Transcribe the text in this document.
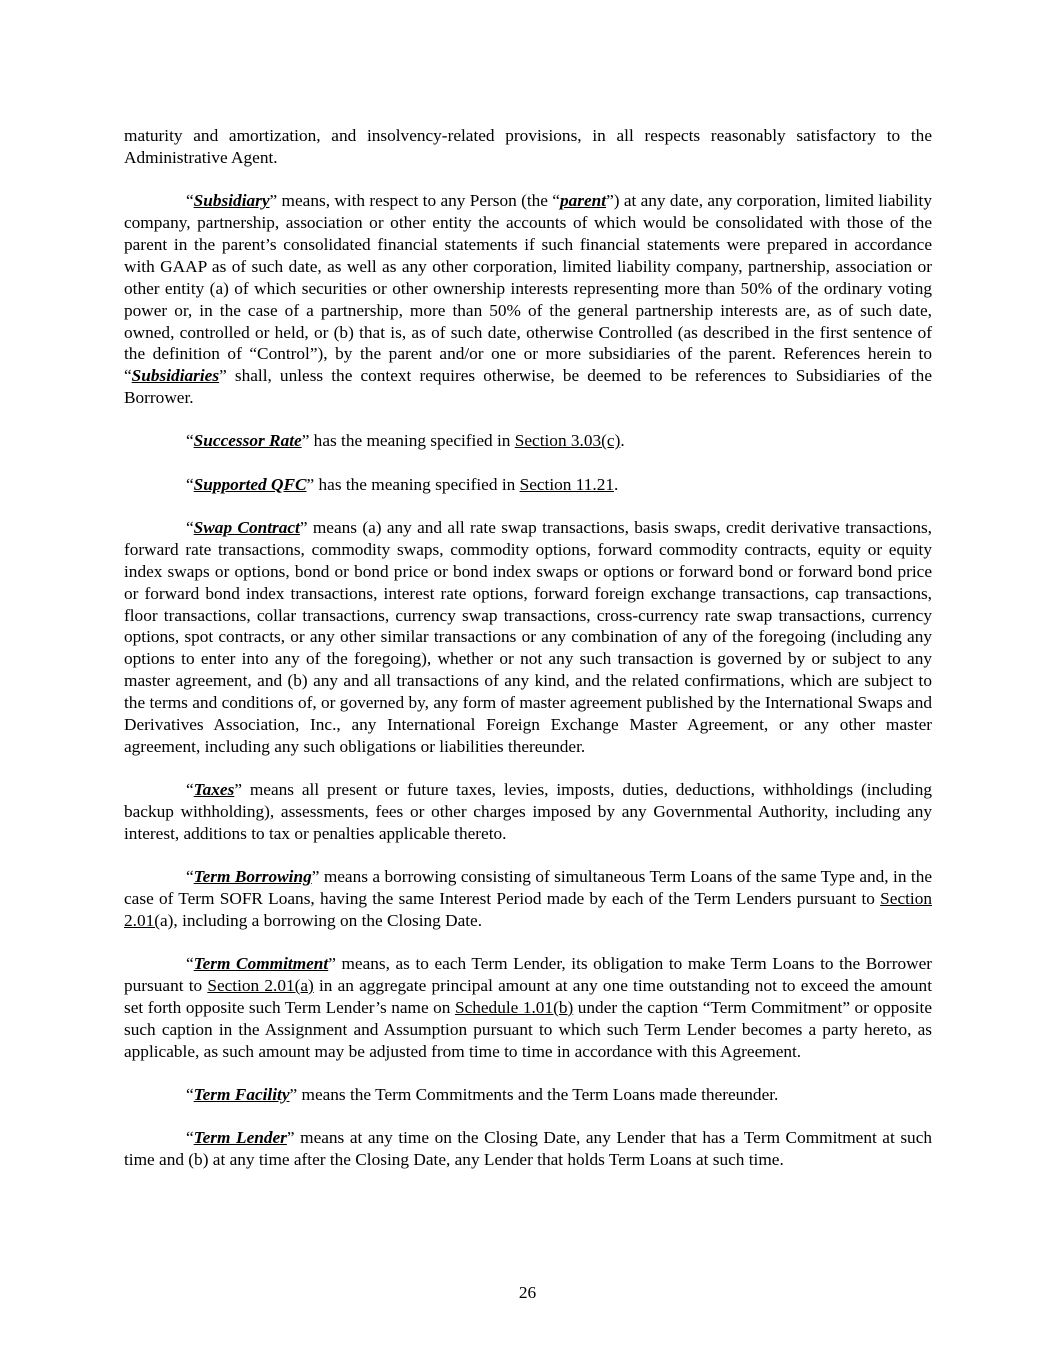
maturity and amortization, and insolvency-related provisions, in all respects reasonably satisfactory to the Administrative Agent.

“Subsidiary” means, with respect to any Person (the “parent”) at any date, any corporation, limited liability company, partnership, association or other entity the accounts of which would be consolidated with those of the parent in the parent’s consolidated financial statements if such financial statements were prepared in accordance with GAAP as of such date, as well as any other corporation, limited liability company, partnership, association or other entity (a) of which securities or other ownership interests representing more than 50% of the ordinary voting power or, in the case of a partnership, more than 50% of the general partnership interests are, as of such date, owned, controlled or held, or (b) that is, as of such date, otherwise Controlled (as described in the first sentence of the definition of “Control”), by the parent and/or one or more subsidiaries of the parent. References herein to “Subsidiaries” shall, unless the context requires otherwise, be deemed to be references to Subsidiaries of the Borrower.

“Successor Rate” has the meaning specified in Section 3.03(c).

“Supported QFC” has the meaning specified in Section 11.21.

“Swap Contract” means (a) any and all rate swap transactions, basis swaps, credit derivative transactions, forward rate transactions, commodity swaps, commodity options, forward commodity contracts, equity or equity index swaps or options, bond or bond price or bond index swaps or options or forward bond or forward bond price or forward bond index transactions, interest rate options, forward foreign exchange transactions, cap transactions, floor transactions, collar transactions, currency swap transactions, cross-currency rate swap transactions, currency options, spot contracts, or any other similar transactions or any combination of any of the foregoing (including any options to enter into any of the foregoing), whether or not any such transaction is governed by or subject to any master agreement, and (b) any and all transactions of any kind, and the related confirmations, which are subject to the terms and conditions of, or governed by, any form of master agreement published by the International Swaps and Derivatives Association, Inc., any International Foreign Exchange Master Agreement, or any other master agreement, including any such obligations or liabilities thereunder.

“Taxes” means all present or future taxes, levies, imposts, duties, deductions, withholdings (including backup withholding), assessments, fees or other charges imposed by any Governmental Authority, including any interest, additions to tax or penalties applicable thereto.

“Term Borrowing” means a borrowing consisting of simultaneous Term Loans of the same Type and, in the case of Term SOFR Loans, having the same Interest Period made by each of the Term Lenders pursuant to Section 2.01(a), including a borrowing on the Closing Date.

“Term Commitment” means, as to each Term Lender, its obligation to make Term Loans to the Borrower pursuant to Section 2.01(a) in an aggregate principal amount at any one time outstanding not to exceed the amount set forth opposite such Term Lender’s name on Schedule 1.01(b) under the caption “Term Commitment” or opposite such caption in the Assignment and Assumption pursuant to which such Term Lender becomes a party hereto, as applicable, as such amount may be adjusted from time to time in accordance with this Agreement.

“Term Facility” means the Term Commitments and the Term Loans made thereunder.

“Term Lender” means at any time on the Closing Date, any Lender that has a Term Commitment at such time and (b) at any time after the Closing Date, any Lender that holds Term Loans at such time.

26
